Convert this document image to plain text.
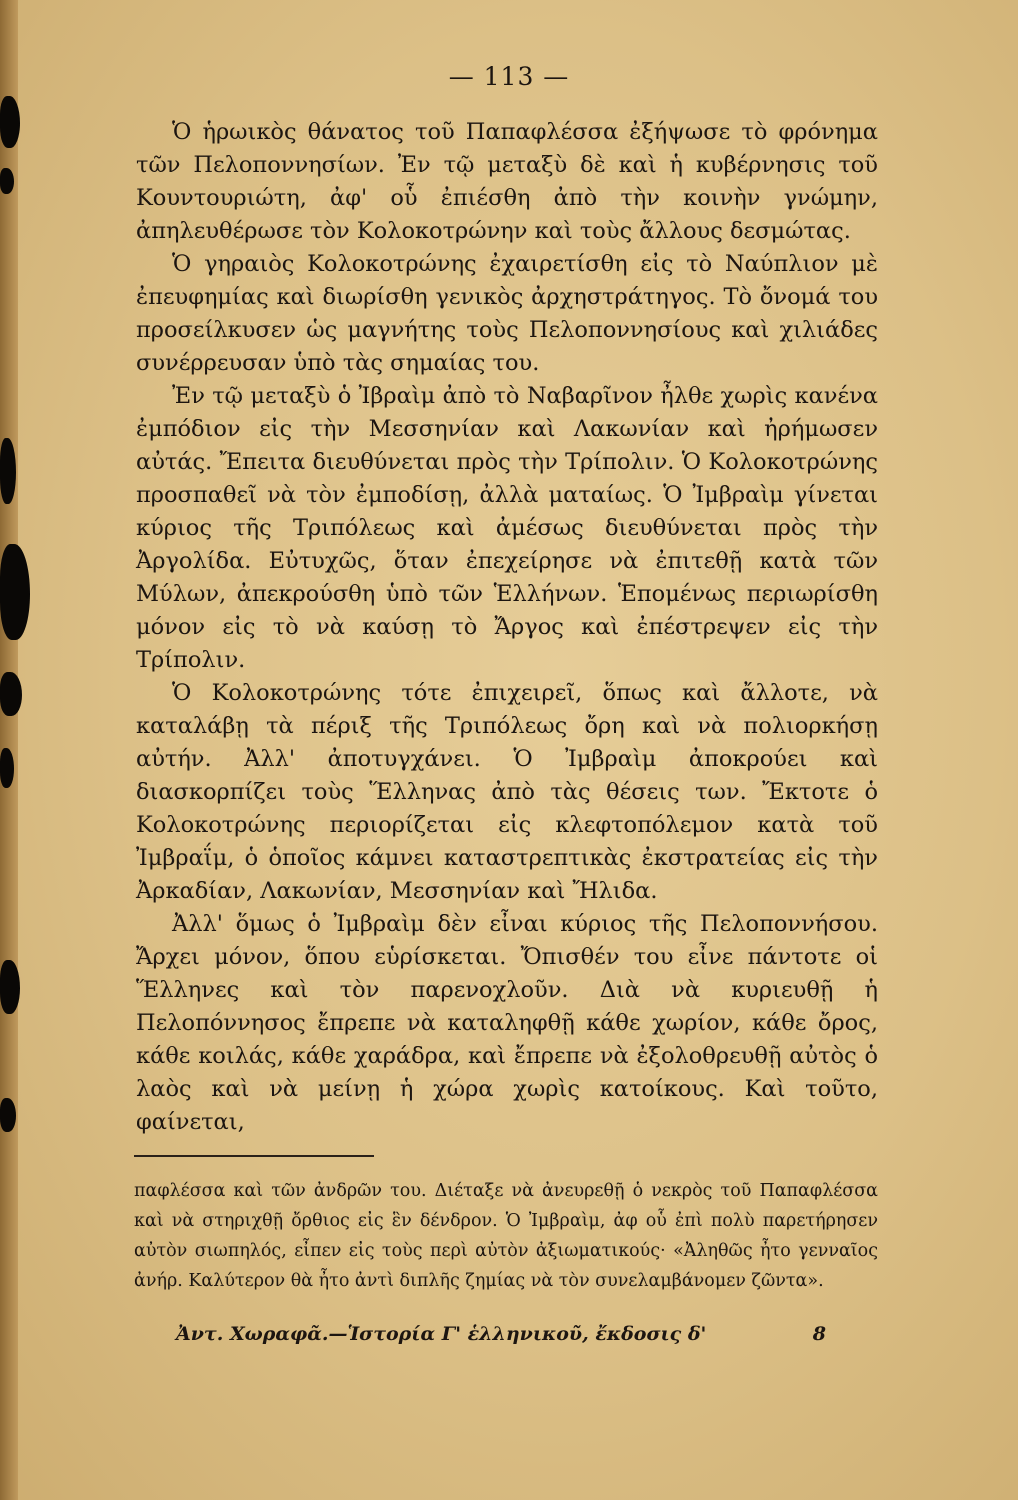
— 113 —

Ὁ ἡρωικὸς θάνατος τοῦ Παπαφλέσσα ἐξήψωσε τὸ φρόνημα τῶν Πελοποννησίων. Ἐν τῷ μεταξὺ δὲ καὶ ἡ κυβέρνησις τοῦ Κουντουριώτη, ἀφ' οὗ ἐπιέσθη ἀπὸ τὴν κοινὴν γνώμην, ἀπηλευθέρωσε τὸν Κολοκοτρώνην καὶ τοὺς ἄλλους δεσμώτας.

Ὁ γηραιὸς Κολοκοτρώνης ἐχαιρετίσθη εἰς τὸ Ναύπλιον μὲ ἐπευφημίας καὶ διωρίσθη γενικὸς ἀρχηστράτηγος. Τὸ ὄνομά του προσείλκυσεν ὡς μαγνήτης τοὺς Πελοποννησίους καὶ χιλιάδες συνέρρευσαν ὑπὸ τὰς σημαίας του.

Ἐν τῷ μεταξὺ ὁ Ἰβραὶμ ἀπὸ τὸ Ναβαρῖνον ἦλθε χωρὶς κανένα ἐμπόδιον εἰς τὴν Μεσσηνίαν καὶ Λακωνίαν καὶ ἠρήμωσεν αὐτάς. Ἔπειτα διευθύνεται πρὸς τὴν Τρίπολιν. Ὁ Κολοκοτρώνης προσπαθεῖ νὰ τὸν ἐμποδίσῃ, ἀλλὰ ματαίως. Ὁ Ἰμβραὶμ γίνεται κύριος τῆς Τριπόλεως καὶ ἀμέσως διευθύνεται πρὸς τὴν Ἀργολίδα. Εὐτυχῶς, ὅταν ἐπεχείρησε νὰ ἐπιτεθῇ κατὰ τῶν Μύλων, ἀπεκρούσθη ὑπὸ τῶν Ἑλλήνων. Ἑπομένως περιωρίσθη μόνον εἰς τὸ νὰ καύσῃ τὸ Ἄργος καὶ ἐπέστρεψεν εἰς τὴν Τρίπολιν.

Ὁ Κολοκοτρώνης τότε ἐπιχειρεῖ, ὅπως καὶ ἄλλοτε, νὰ καταλάβῃ τὰ πέριξ τῆς Τριπόλεως ὄρη καὶ νὰ πολιορκήσῃ αὐτήν. Ἀλλ' ἀποτυγχάνει. Ὁ Ἰμβραὶμ ἀποκρούει καὶ διασκορπίζει τοὺς Ἕλληνας ἀπὸ τὰς θέσεις των. Ἔκτοτε ὁ Κολοκοτρώνης περιορίζεται εἰς κλεφτοπόλεμον κατὰ τοῦ Ἰμβραΐμ, ὁ ὁποῖος κάμνει καταστρεπτικὰς ἐκστρατείας εἰς τὴν Ἀρκαδίαν, Λακωνίαν, Μεσσηνίαν καὶ Ἤλιδα.

Ἀλλ' ὅμως ὁ Ἰμβραὶμ δὲν εἶναι κύριος τῆς Πελοποννήσου. Ἄρχει μόνον, ὅπου εὑρίσκεται. Ὄπισθέν του εἶνε πάντοτε οἱ Ἕλληνες καὶ τὸν παρενοχλοῦν. Διὰ νὰ κυριευθῇ ἡ Πελοπόννησος ἔπρεπε νὰ καταληφθῇ κάθε χωρίον, κάθε ὄρος, κάθε κοιλάς, κάθε χαράδρα, καὶ ἔπρεπε νὰ ἐξολοθρευθῇ αὐτὸς ὁ λαὸς καὶ νὰ μείνῃ ἡ χώρα χωρὶς κατοίκους. Καὶ τοῦτο, φαίνεται,

παφλέσσα καὶ τῶν ἀνδρῶν του. Διέταξε νὰ ἀνευρεθῇ ὁ νεκρὸς τοῦ Παπαφλέσσα καὶ νὰ στηριχθῇ ὄρθιος εἰς ἓν δένδρον. Ὁ Ἰμβραὶμ, ἀφ οὗ ἐπὶ πολὺ παρετήρησεν αὐτὸν σιωπηλός, εἶπεν εἰς τοὺς περὶ αὐτὸν ἀξιωματικούς· «Ἀληθῶς ἦτο γενναῖος ἀνήρ. Καλύτερον θὰ ἦτο ἀντὶ διπλῆς ζημίας νὰ τὸν συνελαμβάνομεν ζῶντα».
Ἀντ. Χωραφᾶ.—Ἱστορία Γ' ἑλληνικοῦ, ἔκδοσις δ'	8
